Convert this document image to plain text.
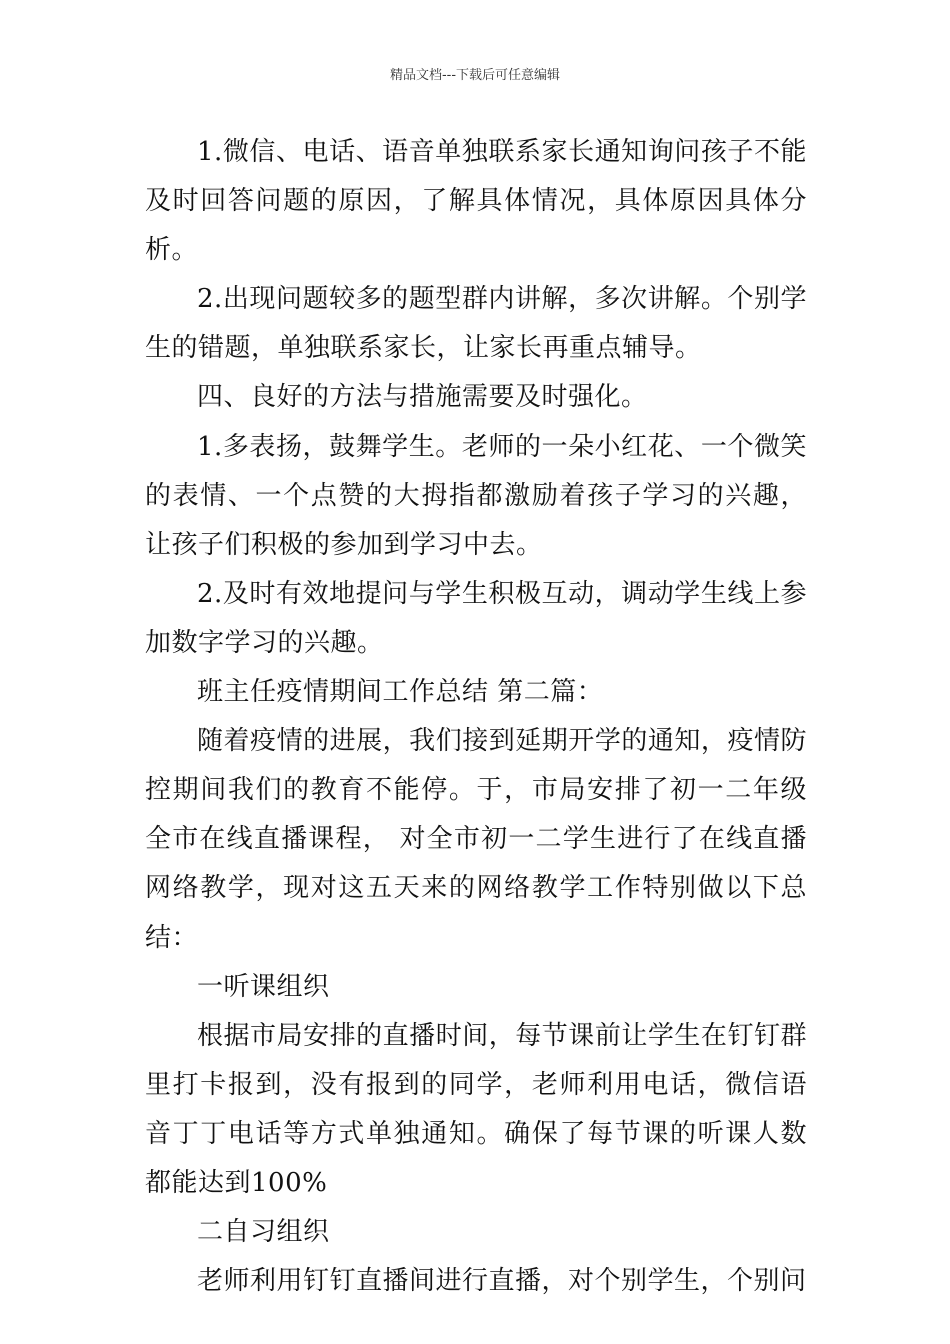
精品文档---下载后可任意编辑

1.微信、电话、语音单独联系家长通知询问孩子不能及时回答问题的原因，了解具体情况，具体原因具体分析。

2.出现问题较多的题型群内讲解，多次讲解。个别学生的错题，单独联系家长，让家长再重点辅导。

四、良好的方法与措施需要及时强化。

1.多表扬，鼓舞学生。老师的一朵小红花、一个微笑的表情、一个点赞的大拇指都激励着孩子学习的兴趣，让孩子们积极的参加到学习中去。

2.及时有效地提问与学生积极互动，调动学生线上参加数字学习的兴趣。

班主任疫情期间工作总结 第二篇：

随着疫情的进展，我们接到延期开学的通知，疫情防控期间我们的教育不能停。于，市局安排了初一二年级全市在线直播课程， 对全市初一二学生进行了在线直播网络教学，现对这五天来的网络教学工作特别做以下总结：

一听课组织

根据市局安排的直播时间，每节课前让学生在钉钉群里打卡报到，没有报到的同学，老师利用电话，微信语音丁丁电话等方式单独通知。确保了每节课的听课人数都能达到100%

二自习组织

老师利用钉钉直播间进行直播，对个别学生，个别问
